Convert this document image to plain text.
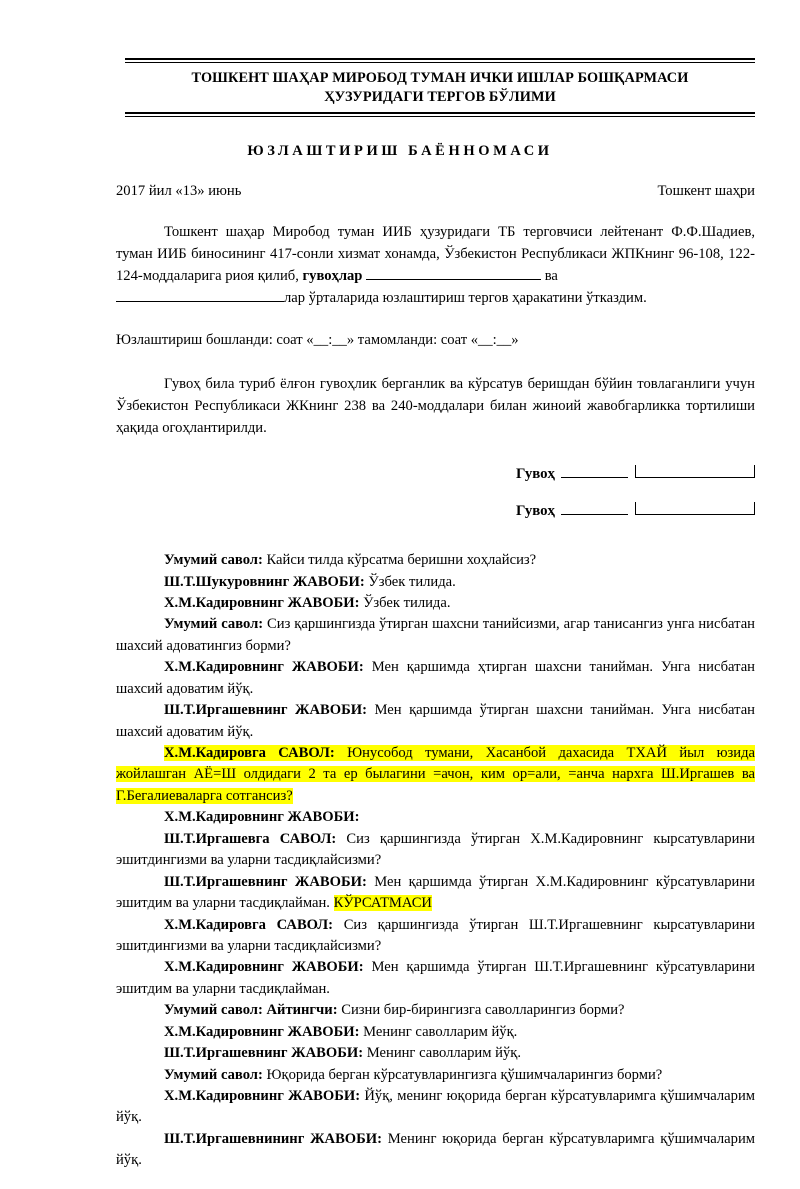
ТОШКЕНТ ШАҲАР МИРОБОД ТУМАН ИЧКИ ИШЛАР БОШҚАРМАСИ
ҲУЗУРИДАГИ ТЕРГОВ БЎЛИМИ
ЮЗЛАШТИРИШ БАЁННОМАСИ
2017 йил «13» июнь	Тошкент шаҳри

Тошкент шаҳар Миробод туман ИИБ ҳузуридаги ТБ терговчиси лейтенант Ф.Ф.Шадиев, туман ИИБ биносининг 417-сонли хизмат хонамда, Ўзбекистон Республикаси ЖПКнинг 96-108, 122-124-моддаларига риоя қилиб, гувоҳлар	ва
лар ўрталарида юзлаштириш тергов ҳаракатини ўтказдим.

Юзлаштириш бошланди: соат «__:__» тамомланди: соат «__:__»

Гувоҳ била туриб ёлғон гувоҳлик берганлик ва кўрсатув беришдан бўйин товлаганлиги учун Ўзбекистон Республикаси ЖКнинг 238 ва 240-моддалари билан жиноий жавобгарликка тортилиши ҳақида огоҳлантирилди.

Гувоҳ
Гувоҳ

Умумий савол: Кайси тилда кўрсатма беришни хоҳлайсиз?

Ш.Т.Шукуровнинг ЖАВОБИ: Ўзбек тилида.

Х.М.Кадировнинг ЖАВОБИ: Ўзбек тилида.

Умумий савол: Сиз қаршингизда ўтирган шахсни танийсизми, агар танисангиз унга нисбатан шахсий адоватингиз борми?

Х.М.Кадировнинг ЖАВОБИ: Мен қаршимда ҳтирган шахсни танийман. Унга нисбатан шахсий адоватим йўқ.

Ш.Т.Иргашевнинг ЖАВОБИ: Мен қаршимда ўтирган шахсни танийман. Унга нисбатан шахсий адоватим йўқ.

Х.М.Кадировга САВОЛ: Юнусобод тумани, Хасанбой дахасида ТХАЙ йыл юзида жойлашган АЁ=Ш олдидаги 2 та ер былагини =ачон, ким ор=али, =анча нархга Ш.Иргашев ва Г.Бегалиеваларга сотгансиз?

Х.М.Кадировнинг ЖАВОБИ:

Ш.Т.Иргашевга САВОЛ: Сиз қаршингизда ўтирган Х.М.Кадировнинг кырсатувларини эшитдингизми ва уларни тасдиқлайсизми?

Ш.Т.Иргашевнинг ЖАВОБИ: Мен қаршимда ўтирган Х.М.Кадировнинг кўрсатувларини эшитдим ва уларни тасдиқлайман. КЎРСАТМАСИ

Х.М.Кадировга САВОЛ: Сиз қаршингизда ўтирган Ш.Т.Иргашевнинг кырсатувларини эшитдингизми ва уларни тасдиқлайсизми?

Х.М.Кадировнинг ЖАВОБИ: Мен қаршимда ўтирган Ш.Т.Иргашевнинг кўрсатувларини эшитдим ва уларни тасдиқлайман.

Умумий савол: Айтингчи: Сизни бир-бирингизга саволларингиз борми?

Х.М.Кадировнинг ЖАВОБИ: Менинг саволларим йўқ.

Ш.Т.Иргашевнинг ЖАВОБИ: Менинг саволларим йўқ.

Умумий савол: Юқорида берган кўрсатувларингизга қўшимчаларингиз борми?

Х.М.Кадировнинг ЖАВОБИ: Йўқ, менинг юқорида берган кўрсатувларимга қўшимчаларим йўқ.

Ш.Т.Иргашевнининг ЖАВОБИ: Менинг юқорида берган кўрсатувларимга қўшимчаларим йўқ.
